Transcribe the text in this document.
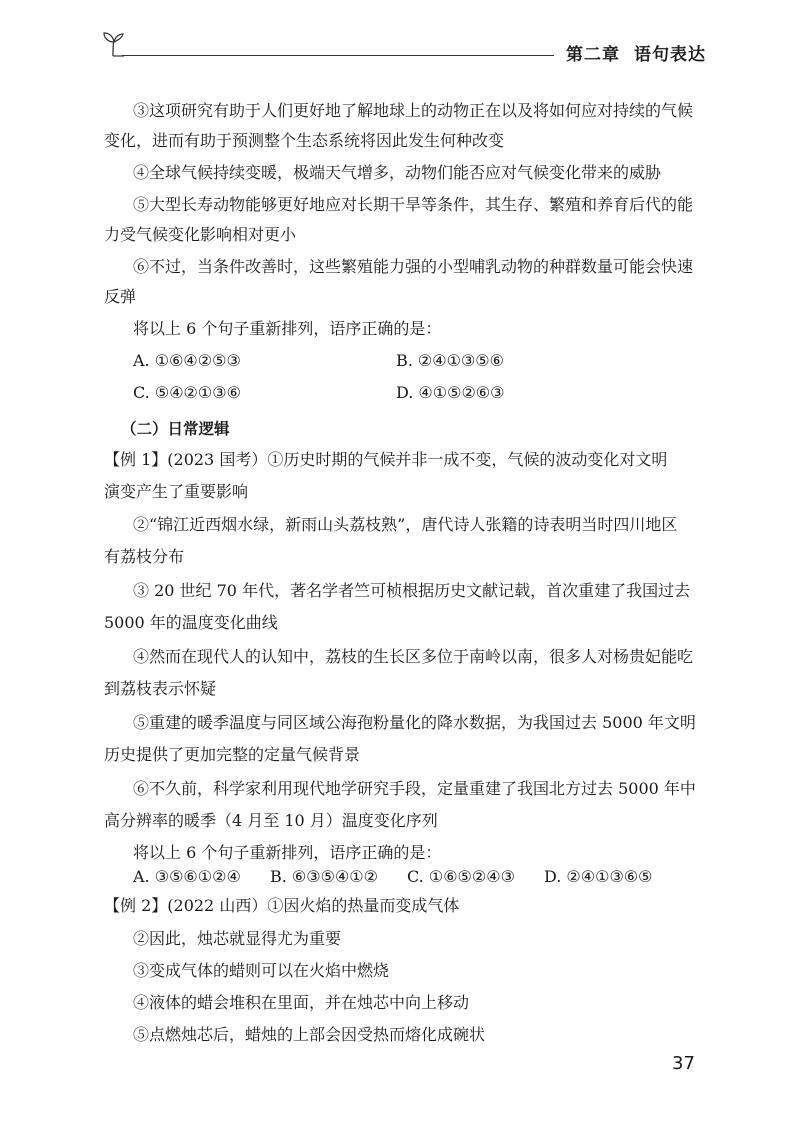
第二章 语句表达
③这项研究有助于人们更好地了解地球上的动物正在以及将如何应对持续的气候
变化，进而有助于预测整个生态系统将因此发生何种改变
④全球气候持续变暖，极端天气增多，动物们能否应对气候变化带来的威胁
⑤大型长寿动物能够更好地应对长期干旱等条件，其生存、繁殖和养育后代的能
力受气候变化影响相对更小
⑥不过，当条件改善时，这些繁殖能力强的小型哺乳动物的种群数量可能会快速
反弹
将以上 6 个句子重新排列，语序正确的是：
A. ①⑥④②⑤③	B. ②④①③⑤⑥
C. ⑤④②①③⑥	D. ④①⑤②⑥③
（二）日常逻辑
【例 1】(2023 国考）①历史时期的气候并非一成不变，气候的波动变化对文明
演变产生了重要影响
②“锦江近西烟水绿，新雨山头荔枝熟”，唐代诗人张籍的诗表明当时四川地区
有荔枝分布
③ 20 世纪 70 年代，著名学者竺可桢根据历史文献记载，首次重建了我国过去
5000 年的温度变化曲线
④然而在现代人的认知中，荔枝的生长区多位于南岭以南，很多人对杨贵妃能吃
到荔枝表示怀疑
⑤重建的暖季温度与同区域公海孢粉量化的降水数据，为我国过去 5000 年文明
历史提供了更加完整的定量气候背景
⑥不久前，科学家利用现代地学研究手段，定量重建了我国北方过去 5000 年中
高分辨率的暖季（4 月至 10 月）温度变化序列
将以上 6 个句子重新排列，语序正确的是：
A. ③⑤⑥①②④ B. ⑥③⑤④①② C. ①⑥⑤②④③ D. ②④①③⑥⑤
【例 2】(2022 山西）①因火焰的热量而变成气体
②因此，烛芯就显得尤为重要
③变成气体的蜡则可以在火焰中燃烧
④液体的蜡会堆积在里面，并在烛芯中向上移动
37
⑤点燃烛芯后，蜡烛的上部会因受热而熔化成碗状
